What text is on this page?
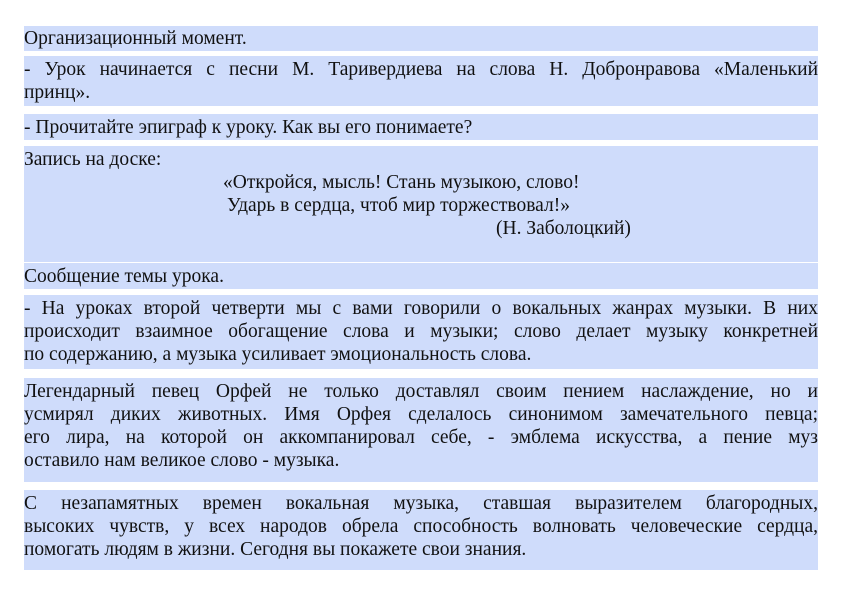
Организационный момент.
- Урок начинается с песни М. Таривердиева на слова Н. Добронравова «Маленький
принц».
- Прочитайте эпиграф к уроку. Как вы его понимаете?
Запись на доске:
«Откройся, мысль! Стань музыкою, слово!
Ударь в сердца, чтоб мир торжествовал!»
(Н. Заболоцкий)
Сообщение темы урока.
- На уроках второй четверти мы с вами говорили о вокальных жанрах музыки. В них
происходит взаимное обогащение слова и музыки; слово делает музыку конкретней
по содержанию, а музыка усиливает эмоциональность слова.
Легендарный певец Орфей не только доставлял своим пением наслаждение, но и
усмирял диких животных. Имя Орфея сделалось синонимом замечательного певца;
его лира, на которой он аккомпанировал себе, - эмблема искусства, а пение муз
оставило нам великое слово - музыка.
С незапамятных времен вокальная музыка, ставшая выразителем благородных,
высоких чувств, у всех народов обрела способность волновать человеческие сердца,
помогать людям в жизни. Сегодня вы покажете свои знания.
